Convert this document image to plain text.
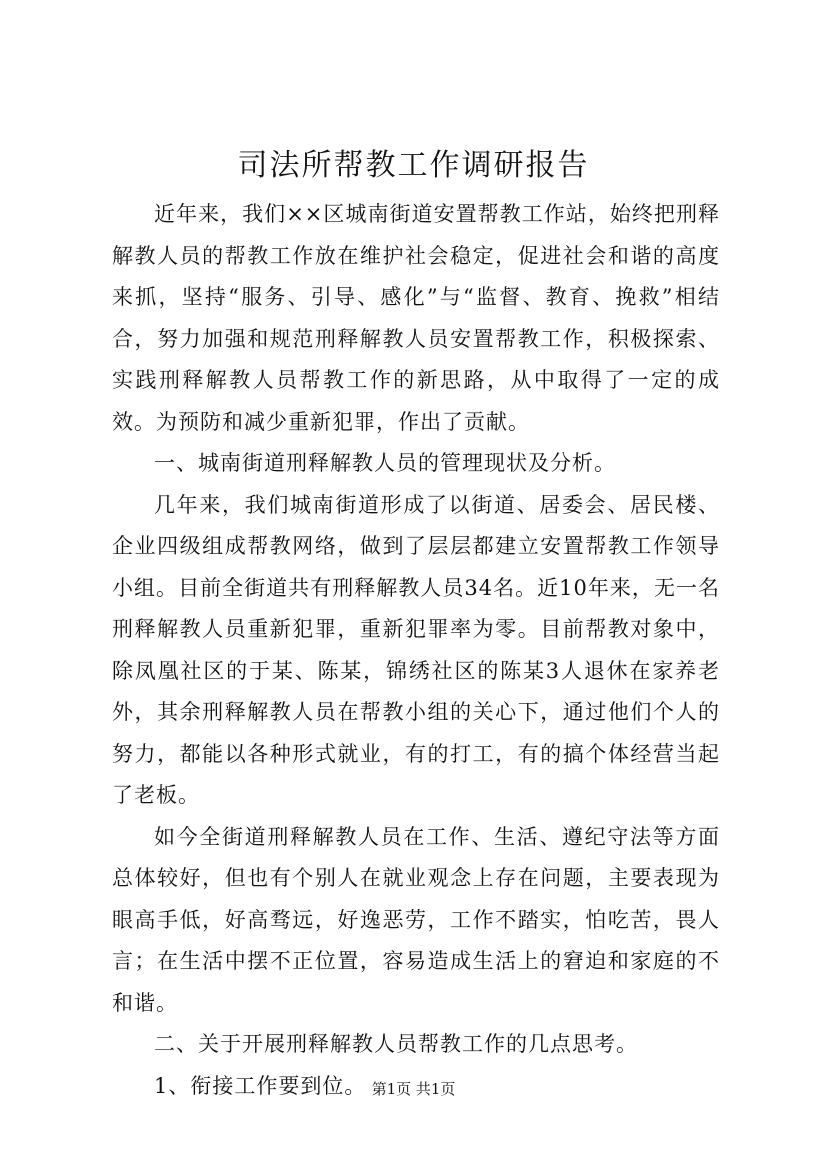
司法所帮教工作调研报告

近年来，我们××区城南街道安置帮教工作站，始终把刑释解教人员的帮教工作放在维护社会稳定，促进社会和谐的高度来抓，坚持“服务、引导、感化”与“监督、教育、挽救”相结合，努力加强和规范刑释解教人员安置帮教工作，积极探索、实践刑释解教人员帮教工作的新思路，从中取得了一定的成效。为预防和减少重新犯罪，作出了贡献。

一、城南街道刑释解教人员的管理现状及分析。

几年来，我们城南街道形成了以街道、居委会、居民楼、企业四级组成帮教网络，做到了层层都建立安置帮教工作领导小组。目前全街道共有刑释解教人员34名。近10年来，无一名刑释解教人员重新犯罪，重新犯罪率为零。目前帮教对象中，除凤凰社区的于某、陈某，锦绣社区的陈某3人退休在家养老外，其余刑释解教人员在帮教小组的关心下，通过他们个人的努力，都能以各种形式就业，有的打工，有的搞个体经营当起了老板。

如今全街道刑释解教人员在工作、生活、遵纪守法等方面总体较好，但也有个别人在就业观念上存在问题，主要表现为眼高手低，好高骛远，好逸恶劳，工作不踏实，怕吃苦，畏人言；在生活中摆不正位置，容易造成生活上的窘迫和家庭的不和谐。

二、关于开展刑释解教人员帮教工作的几点思考。

1、衔接工作要到位。 第1页 共1页
